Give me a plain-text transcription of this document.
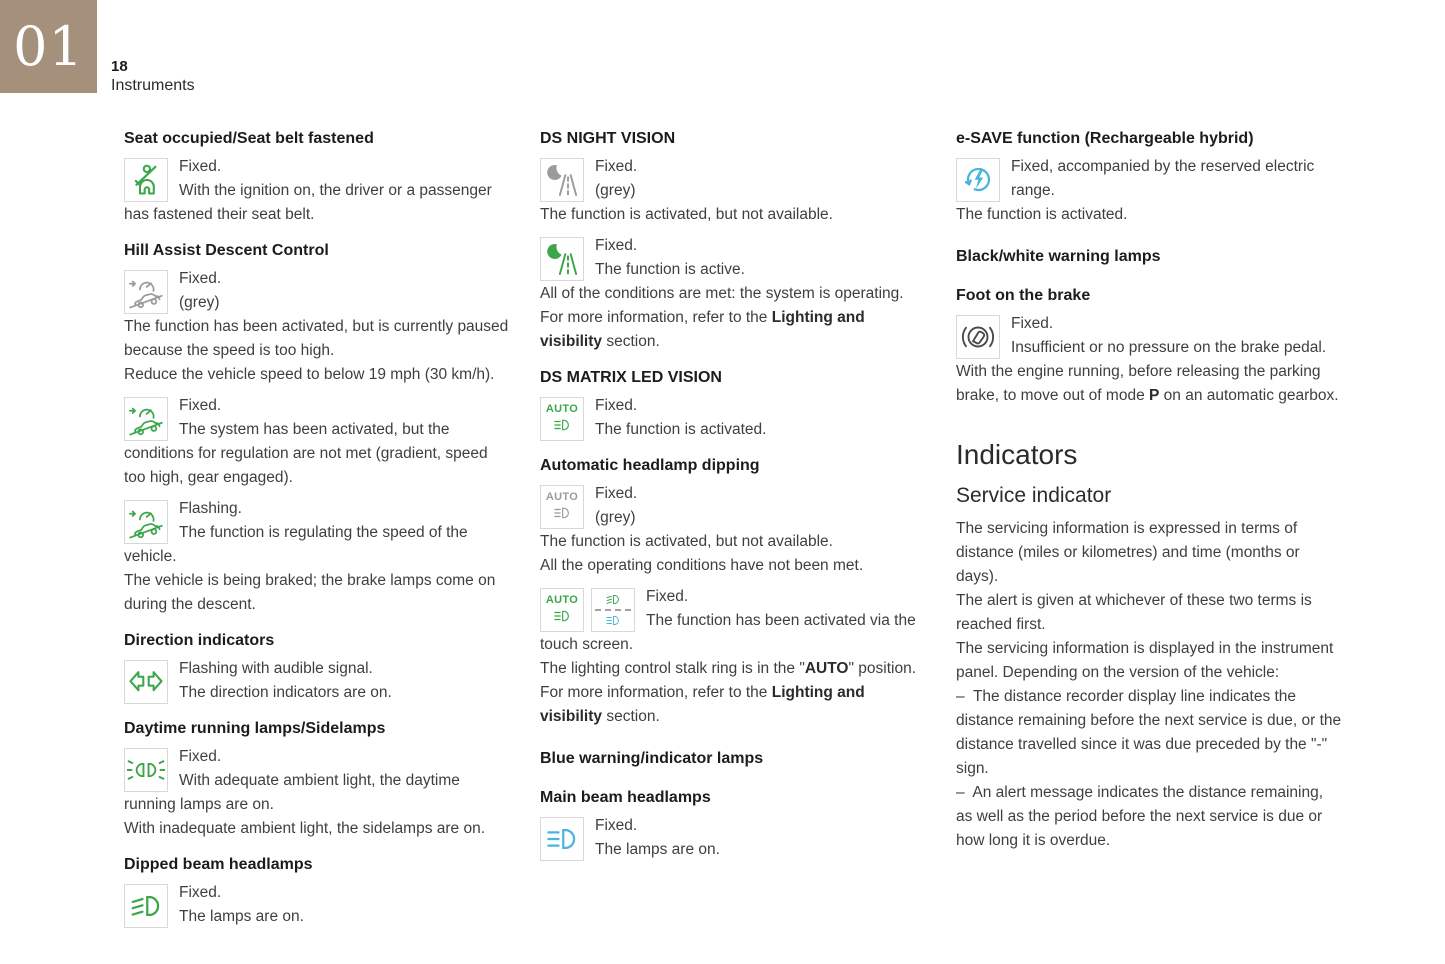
01 18
Instruments
Seat occupied/Seat belt fastened
Fixed.
With the ignition on, the driver or a passenger has fastened their seat belt.
Hill Assist Descent Control
Fixed.
(grey)
The function has been activated, but is currently paused because the speed is too high.
Reduce the vehicle speed to below 19 mph (30 km/h).
Fixed.
The system has been activated, but the conditions for regulation are not met (gradient, speed too high, gear engaged).
Flashing.
The function is regulating the speed of the vehicle.
The vehicle is being braked; the brake lamps come on during the descent.
Direction indicators
Flashing with audible signal.
The direction indicators are on.
Daytime running lamps/Sidelamps
Fixed.
With adequate ambient light, the daytime running lamps are on.
With inadequate ambient light, the sidelamps are on.
Dipped beam headlamps
Fixed.
The lamps are on.
DS NIGHT VISION
Fixed.
(grey)
The function is activated, but not available.
Fixed.
The function is active.
All of the conditions are met: the system is operating.
For more information, refer to the Lighting and visibility section.
DS MATRIX LED VISION
AUTO	Fixed.
The function is activated.
Automatic headlamp dipping
AUTO	Fixed.
(grey)
The function is activated, but not available.
All the operating conditions have not been met.
AUTO	Fixed.
The function has been activated via the touch screen.
The lighting control stalk ring is in the "AUTO" position.
For more information, refer to the Lighting and visibility section.
Blue warning/indicator lamps
Main beam headlamps
Fixed.
The lamps are on.
e-SAVE function (Rechargeable hybrid)
Fixed, accompanied by the reserved electric range.
The function is activated.
Black/white warning lamps
Foot on the brake
Fixed.
Insufficient or no pressure on the brake pedal.
With the engine running, before releasing the parking brake, to move out of mode P on an automatic gearbox.
Indicators
Service indicator
The servicing information is expressed in terms of distance (miles or kilometres) and time (months or days).
The alert is given at whichever of these two terms is reached first.
The servicing information is displayed in the instrument panel. Depending on the version of the vehicle:
–  The distance recorder display line indicates the distance remaining before the next service is due, or the distance travelled since it was due preceded by the "-" sign.
–  An alert message indicates the distance remaining, as well as the period before the next service is due or how long it is overdue.
